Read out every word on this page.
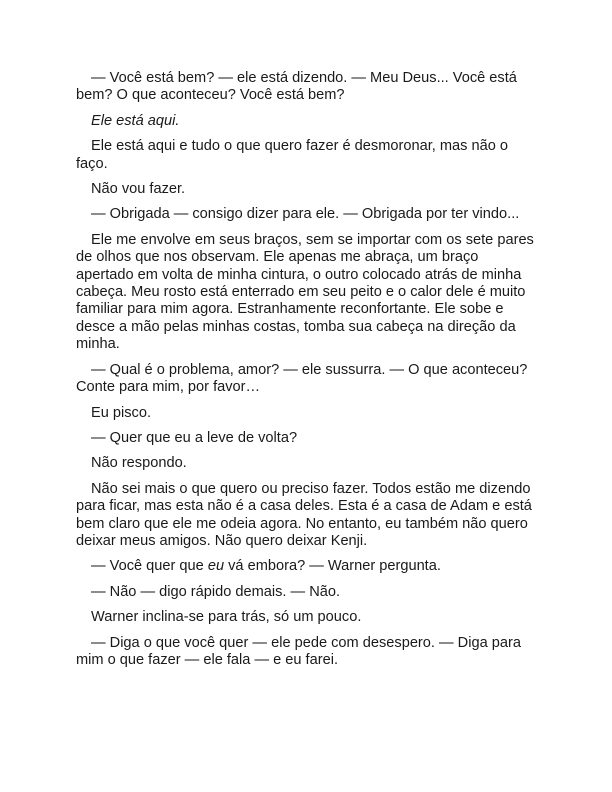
— Você está bem? — ele está dizendo. — Meu Deus... Você está bem? O que aconteceu? Você está bem?

Ele está aqui.

Ele está aqui e tudo o que quero fazer é desmoronar, mas não o faço.

Não vou fazer.

— Obrigada — consigo dizer para ele. — Obrigada por ter vindo...

Ele me envolve em seus braços, sem se importar com os sete pares de olhos que nos observam. Ele apenas me abraça, um braço apertado em volta de minha cintura, o outro colocado atrás de minha cabeça. Meu rosto está enterrado em seu peito e o calor dele é muito familiar para mim agora. Estranhamente reconfortante. Ele sobe e desce a mão pelas minhas costas, tomba sua cabeça na direção da minha.

— Qual é o problema, amor? — ele sussurra. — O que aconteceu? Conte para mim, por favor…

Eu pisco.

— Quer que eu a leve de volta?

Não respondo.

Não sei mais o que quero ou preciso fazer. Todos estão me dizendo para ficar, mas esta não é a casa deles. Esta é a casa de Adam e está bem claro que ele me odeia agora. No entanto, eu também não quero deixar meus amigos. Não quero deixar Kenji.

— Você quer que eu vá embora? — Warner pergunta.

— Não — digo rápido demais. — Não.

Warner inclina-se para trás, só um pouco.

— Diga o que você quer — ele pede com desespero. — Diga para mim o que fazer — ele fala — e eu farei.
